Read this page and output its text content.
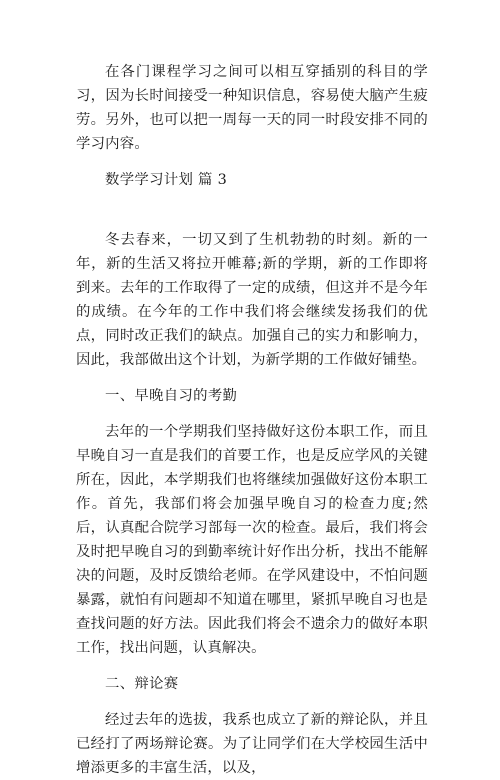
在各门课程学习之间可以相互穿插别的科目的学习，因为长时间接受一种知识信息，容易使大脑产生疲劳。另外，也可以把一周每一天的同一时段安排不同的学习内容。

数学学习计划 篇 3

冬去春来，一切又到了生机勃勃的时刻。新的一年，新的生活又将拉开帷幕;新的学期，新的工作即将到来。去年的工作取得了一定的成绩，但这并不是今年的成绩。在今年的工作中我们将会继续发扬我们的优点，同时改正我们的缺点。加强自己的实力和影响力，因此，我部做出这个计划，为新学期的工作做好铺垫。

一、早晚自习的考勤

去年的一个学期我们坚持做好这份本职工作，而且早晚自习一直是我们的首要工作，也是反应学风的关键所在，因此，本学期我们也将继续加强做好这份本职工作。首先，我部们将会加强早晚自习的检查力度;然后，认真配合院学习部每一次的检查。最后，我们将会及时把早晚自习的到勤率统计好作出分析，找出不能解决的问题，及时反馈给老师。在学风建设中，不怕问题暴露，就怕有问题却不知道在哪里，紧抓早晚自习也是查找问题的好方法。因此我们将会不遗余力的做好本职工作，找出问题，认真解决。

二、辩论赛

经过去年的选拔，我系也成立了新的辩论队，并且已经打了两场辩论赛。为了让同学们在大学校园生活中增添更多的丰富生活，以及，
